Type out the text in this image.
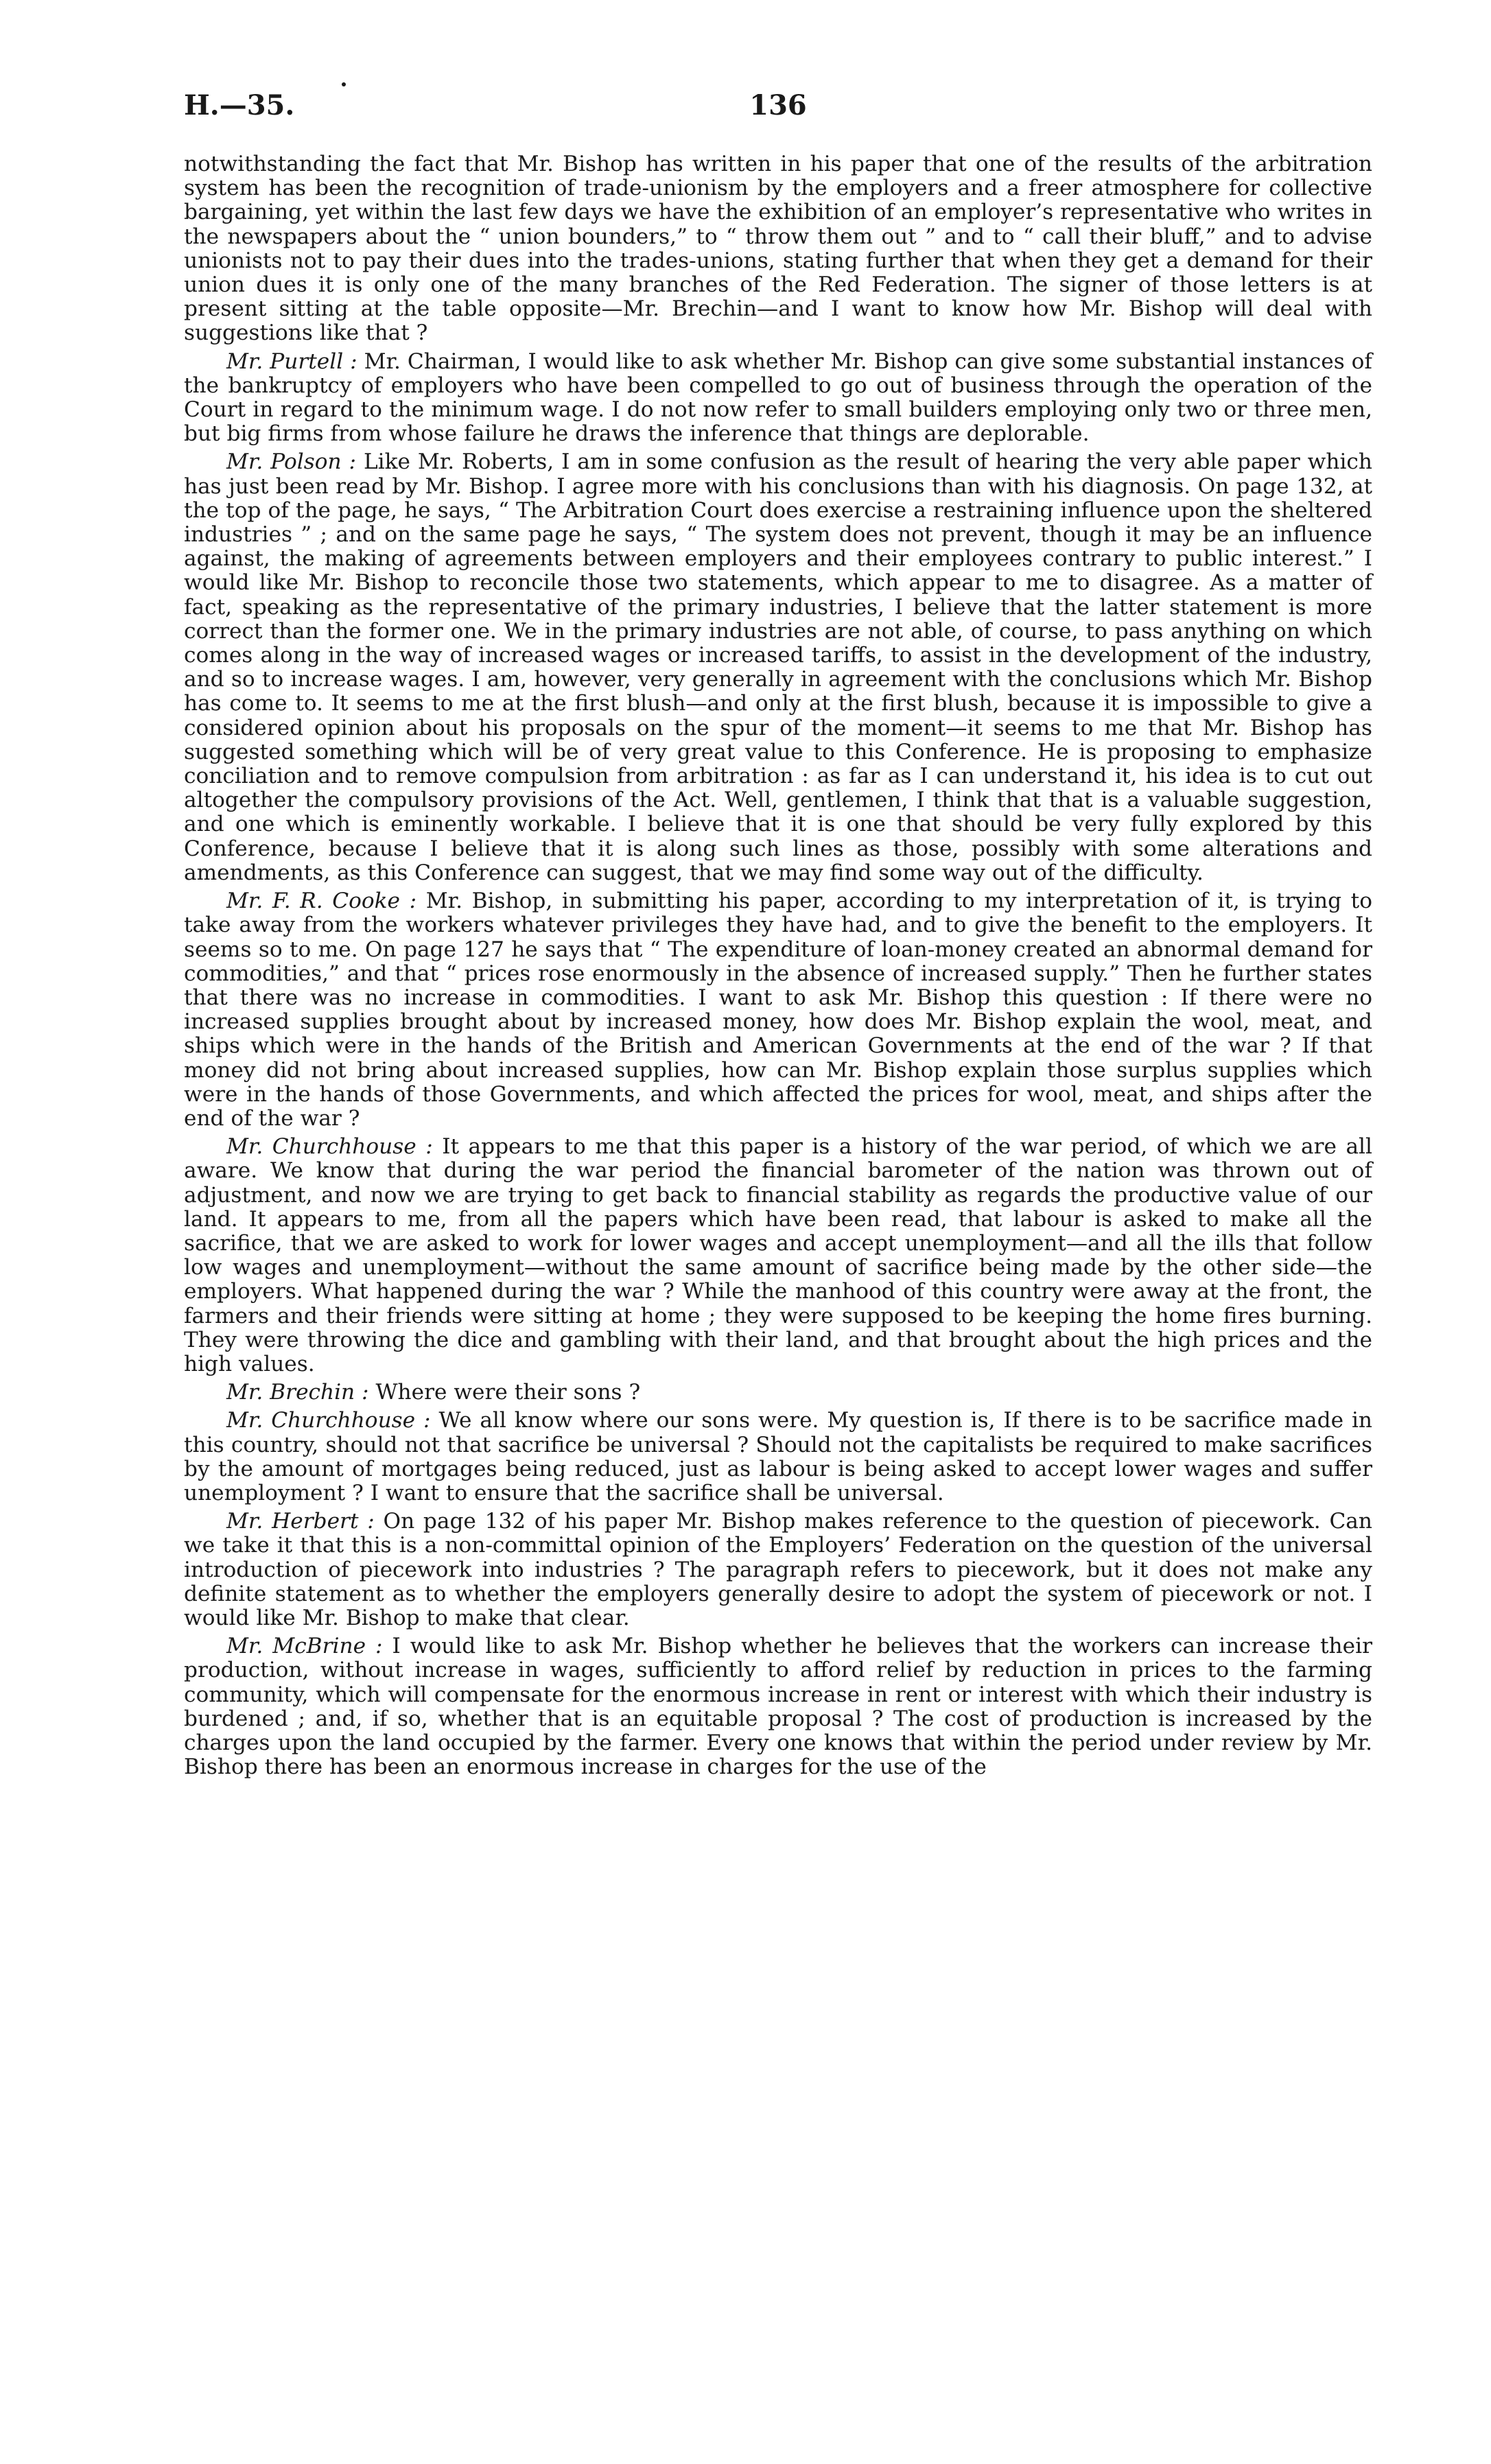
H.—35.	136

notwithstanding the fact that Mr. Bishop has written in his paper that one of the results of the arbitration system has been the recognition of trade-unionism by the employers and a freer atmosphere for collective bargaining, yet within the last few days we have the exhibition of an employer’s representative who writes in the newspapers about the “ union bounders,” to “ throw them out ” and to “ call their bluff,” and to advise unionists not to pay their dues into the trades-unions, stating further that when they get a demand for their union dues it is only one of the many branches of the Red Federation. The signer of those letters is at present sitting at the table opposite—Mr. Brechin—and I want to know how Mr. Bishop will deal with suggestions like that ?

Mr. Purtell : Mr. Chairman, I would like to ask whether Mr. Bishop can give some substantial instances of the bankruptcy of employers who have been compelled to go out of business through the operation of the Court in regard to the minimum wage. I do not now refer to small builders employing only two or three men, but big firms from whose failure he draws the inference that things are deplorable.

Mr. Polson : Like Mr. Roberts, I am in some confusion as the result of hearing the very able paper which has just been read by Mr. Bishop. I agree more with his conclusions than with his diagnosis. On page 132, at the top of the page, he says, “ The Arbitration Court does exercise a restraining influence upon the sheltered industries ” ; and on the same page he says, “ The system does not prevent, though it may be an influence against, the making of agreements between employers and their employees contrary to public interest.” I would like Mr. Bishop to reconcile those two statements, which appear to me to disagree. As a matter of fact, speaking as the representative of the primary industries, I believe that the latter statement is more correct than the former one. We in the primary industries are not able, of course, to pass anything on which comes along in the way of increased wages or increased tariffs, to assist in the development of the industry, and so to increase wages. I am, however, very generally in agreement with the conclusions which Mr. Bishop has come to. It seems to me at the first blush—and only at the first blush, because it is impossible to give a considered opinion about his proposals on the spur of the moment—it seems to me that Mr. Bishop has suggested something which will be of very great value to this Conference. He is proposing to emphasize conciliation and to remove compulsion from arbitration : as far as I can understand it, his idea is to cut out altogether the compulsory provisions of the Act. Well, gentlemen, I think that that is a valuable suggestion, and one which is eminently workable. I believe that it is one that should be very fully explored by this Conference, because I believe that it is along such lines as those, possibly with some alterations and amendments, as this Conference can suggest, that we may find some way out of the difficulty.

Mr. F. R. Cooke : Mr. Bishop, in submitting his paper, according to my interpretation of it, is trying to take away from the workers whatever privileges they have had, and to give the benefit to the employers. It seems so to me. On page 127 he says that “ The expenditure of loan-money created an abnormal demand for commodities,” and that “ prices rose enormously in the absence of increased supply.” Then he further states that there was no increase in commodities. I want to ask Mr. Bishop this question : If there were no increased supplies brought about by increased money, how does Mr. Bishop explain the wool, meat, and ships which were in the hands of the British and American Governments at the end of the war ? If that money did not bring about increased supplies, how can Mr. Bishop explain those surplus supplies which were in the hands of those Governments, and which affected the prices for wool, meat, and ships after the end of the war ?

Mr. Churchhouse : It appears to me that this paper is a history of the war period, of which we are all aware. We know that during the war period the financial barometer of the nation was thrown out of adjustment, and now we are trying to get back to financial stability as regards the productive value of our land. It appears to me, from all the papers which have been read, that labour is asked to make all the sacrifice, that we are asked to work for lower wages and accept unemployment—and all the ills that follow low wages and unemployment—without the same amount of sacrifice being made by the other side—the employers. What happened during the war ? While the manhood of this country were away at the front, the farmers and their friends were sitting at home ; they were supposed to be keeping the home fires burning. They were throwing the dice and gambling with their land, and that brought about the high prices and the high values.

Mr. Brechin : Where were their sons ?

Mr. Churchhouse : We all know where our sons were. My question is, If there is to be sacrifice made in this country, should not that sacrifice be universal ? Should not the capitalists be required to make sacrifices by the amount of mortgages being reduced, just as labour is being asked to accept lower wages and suffer unemployment ? I want to ensure that the sacrifice shall be universal.

Mr. Herbert : On page 132 of his paper Mr. Bishop makes reference to the question of piecework. Can we take it that this is a non-committal opinion of the Employers’ Federation on the question of the universal introduction of piecework into industries ? The paragraph refers to piecework, but it does not make any definite statement as to whether the employers generally desire to adopt the system of piecework or not. I would like Mr. Bishop to make that clear.

Mr. McBrine : I would like to ask Mr. Bishop whether he believes that the workers can increase their production, without increase in wages, sufficiently to afford relief by reduction in prices to the farming community, which will compensate for the enormous increase in rent or interest with which their industry is burdened ; and, if so, whether that is an equitable proposal ? The cost of production is increased by the charges upon the land occupied by the farmer. Every one knows that within the period under review by Mr. Bishop there has been an enormous increase in charges for the use of the
